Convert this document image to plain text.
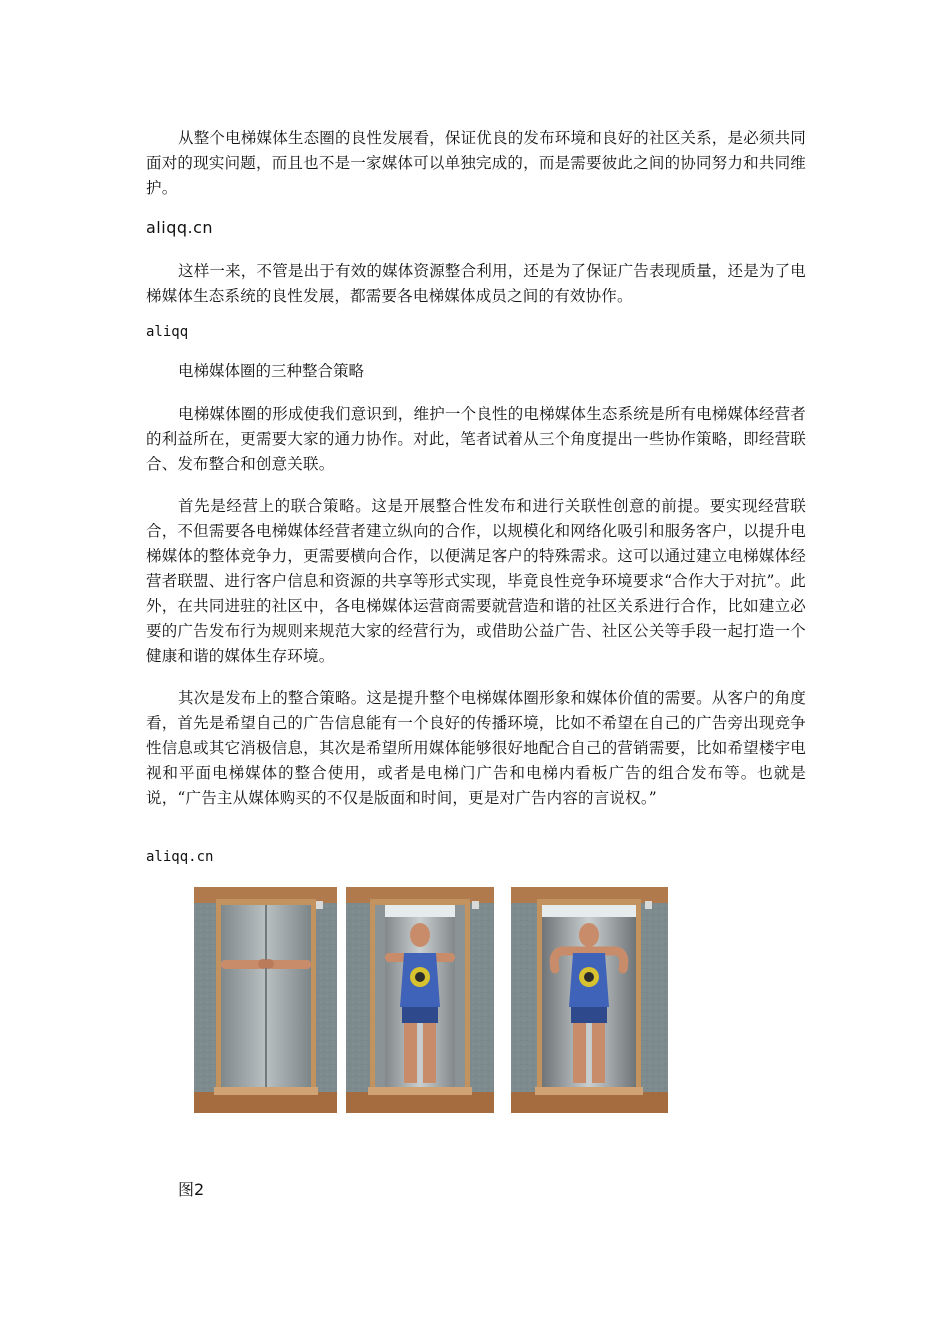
从整个电梯媒体生态圈的良性发展看，保证优良的发布环境和良好的社区关系，是必须共同面对的现实问题，而且也不是一家媒体可以单独完成的，而是需要彼此之间的协同努力和共同维护。

aliqq.cn

这样一来，不管是出于有效的媒体资源整合利用，还是为了保证广告表现质量，还是为了电梯媒体生态系统的良性发展，都需要各电梯媒体成员之间的有效协作。

aliqq

电梯媒体圈的三种整合策略

电梯媒体圈的形成使我们意识到，维护一个良性的电梯媒体生态系统是所有电梯媒体经营者的利益所在，更需要大家的通力协作。对此，笔者试着从三个角度提出一些协作策略，即经营联合、发布整合和创意关联。

首先是经营上的联合策略。这是开展整合性发布和进行关联性创意的前提。要实现经营联合，不但需要各电梯媒体经营者建立纵向的合作，以规模化和网络化吸引和服务客户，以提升电梯媒体的整体竞争力，更需要横向合作，以便满足客户的特殊需求。这可以通过建立电梯媒体经营者联盟、进行客户信息和资源的共享等形式实现，毕竟良性竞争环境要求“合作大于对抗”。此外，在共同进驻的社区中，各电梯媒体运营商需要就营造和谐的社区关系进行合作，比如建立必要的广告发布行为规则来规范大家的经营行为，或借助公益广告、社区公关等手段一起打造一个健康和谐的媒体生存环境。

其次是发布上的整合策略。这是提升整个电梯媒体圈形象和媒体价值的需要。从客户的角度看，首先是希望自己的广告信息能有一个良好的传播环境，比如不希望在自己的广告旁出现竞争性信息或其它消极信息，其次是希望所用媒体能够很好地配合自己的营销需要，比如希望楼宇电视和平面电梯媒体的整合使用，或者是电梯门广告和电梯内看板广告的组合发布等。也就是说，“广告主从媒体购买的不仅是版面和时间，更是对广告内容的言说权。”

aliqq.cn

图2
